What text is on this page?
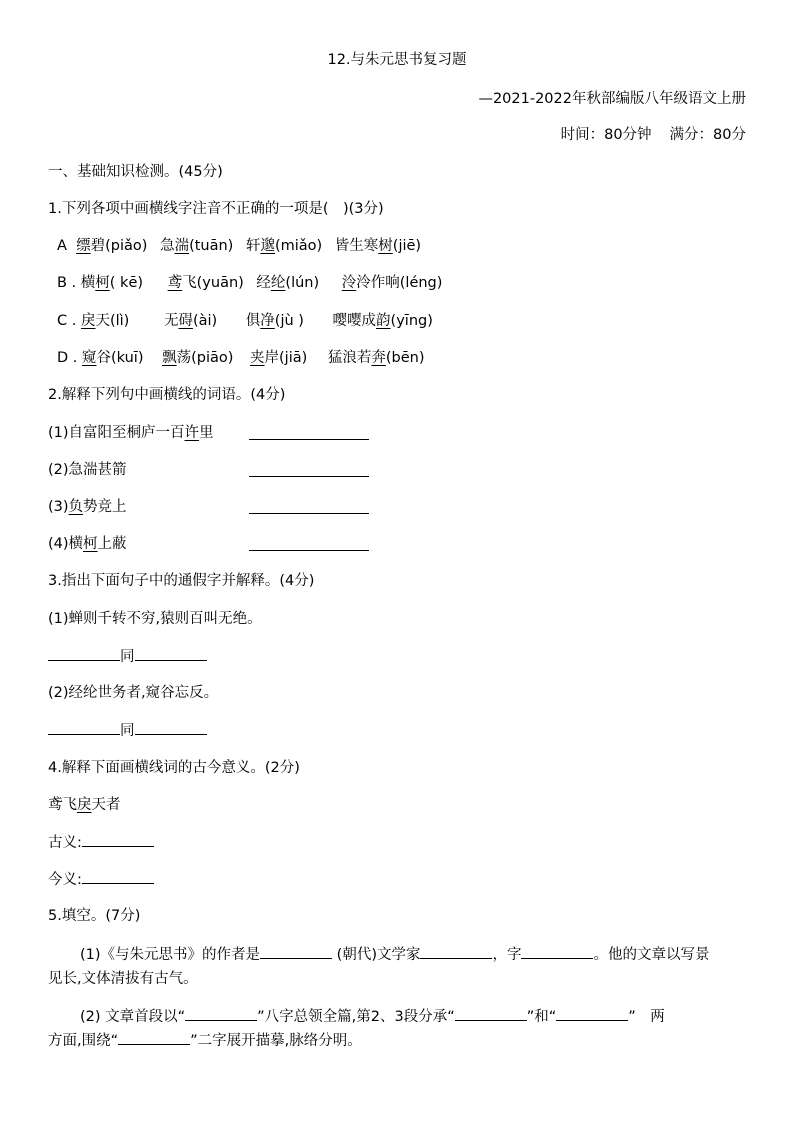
12.与朱元思书复习题
—2021-2022年秋部编版八年级语文上册
时间：80分钟 满分：80分
一、基础知识检测。(45分)
1.下列各项中画横线字注音不正确的一项是(　)(3分)
A 缥碧(piǎo) 急湍(tuān) 轩邈(miǎo) 皆生寒树(jiē)
B . 横柯( kē) 鸢飞(yuān) 经纶(lún) 泠泠作响(léng)
C . 戾天(lì) 无碍(ài) 俱净(jù ) 嘤嘤成韵(yīng)
D . 窥谷(kuī) 飘荡(piāo) 夹岸(jiā) 猛浪若奔(bēn)
2.解释下列句中画横线的词语。(4分)
(1)自富阳至桐庐一百许里
(2)急湍甚箭
(3)负势竞上
(4)横柯上蔽
3.指出下面句子中的通假字并解释。(4分)
(1)蝉则千转不穷,猿则百叫无绝。
同
(2)经纶世务者,窥谷忘反。
同
4.解释下面画横线词的古今意义。(2分)
鸢飞戾天者
古义:
今义:
5.填空。(7分)
(1)《与朱元思书》的作者是	(朝代)文学家	，字	。他的文章以写景
见长,文体清拔有古气。
(2) 文章首段以“	”八字总领全篇,第2、3段分承“	”和“	”　两
方面,围绕“	”二字展开描摹,脉络分明。
